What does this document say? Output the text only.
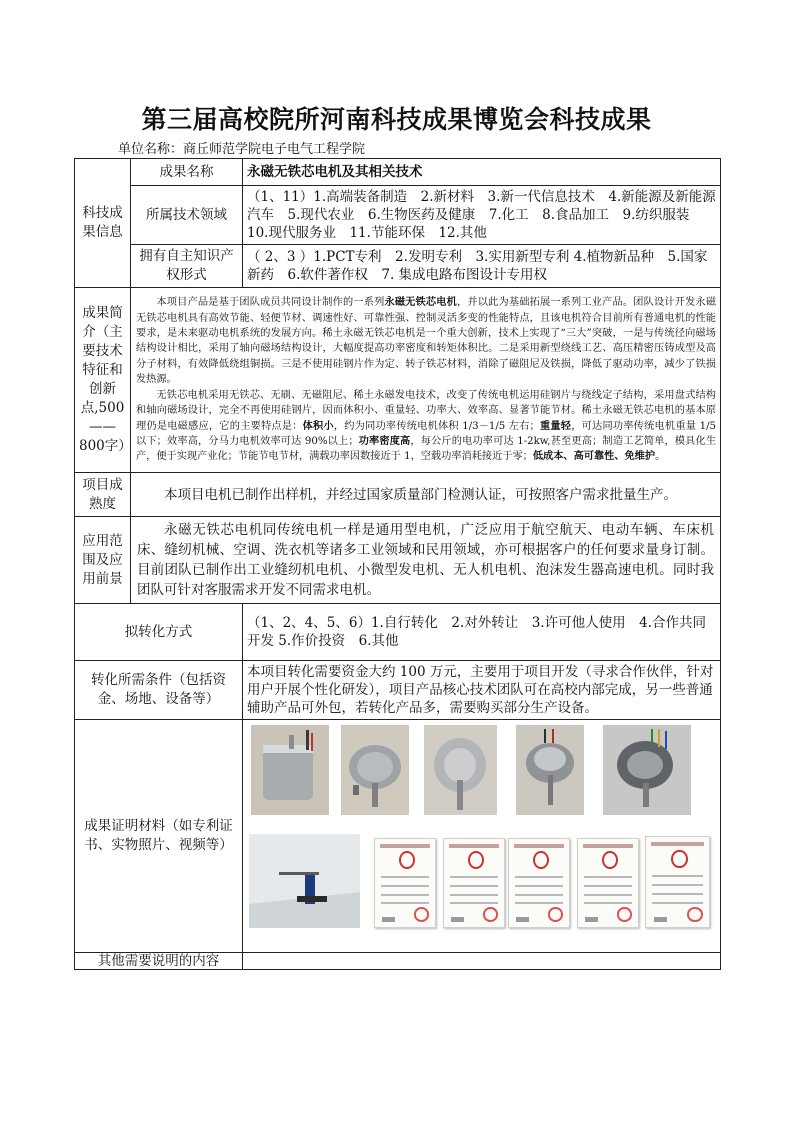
第三届高校院所河南科技成果博览会科技成果
单位名称：商丘师范学院电子电气工程学院
科技成果信息	成果名称	永磁无铁芯电机及其相关技术
	所属技术领域	（1、11）1.高端装备制造　2.新材料　3.新一代信息技术　4.新能源及新能源汽车　5.现代农业　6.生物医药及健康　7.化工　8.食品加工　9.纺织服装　10.现代服务业　11.节能环保　12.其他
	拥有自主知识产权形式	（ 2、3 ）1.PCT专利　2.发明专利　3.实用新型专利 4.植物新品种　5.国家新药　6.软件著作权　7. 集成电路布图设计专用权
成果简介（主要技术特征和创新点,500——800字）	本项目产品是基于团队成员共同设计制作的一系列永磁无铁芯电机，并以此为基础拓展一系列工业产品。团队设计开发永磁无铁芯电机具有高效节能、轻便节材、调速性好、可靠性强、控制灵活多变的性能特点，且该电机符合目前所有普通电机的性能要求，是未来驱动电机系统的发展方向。稀土永磁无铁芯电机是一个重大创新，技术上实现了“三大”突破，一是与传统径向磁场结构设计相比，采用了轴向磁场结构设计，大幅度提高功率密度和转矩体积比。二是采用新型绕线工艺、高压精密压铸成型及高分子材料，有效降低绕组铜损。三是不使用硅钢片作为定、转子铁芯材料，消除了磁阻尼及铁损，降低了驱动功率，减少了铁损发热源。

无铁芯电机采用无铁芯、无刷、无磁阻尼、稀土永磁发电技术，改变了传统电机运用硅钢片与绕线定子结构，采用盘式结构和轴向磁场设计，完全不再使用硅钢片，因而体积小、重量轻、功率大、效率高、显著节能节材。稀土永磁无铁芯电机的基本原理仍是电磁感应，它的主要特点是：体积小，约为同功率传统电机体积 1/3－1/5 左右；重量轻，可达同功率传统电机重量 1/5 以下；效率高，分马力电机效率可达 90%以上；功率密度高，每公斤的电功率可达 1-2kw,甚至更高；制造工艺简单，模具化生产，便于实现产业化；节能节电节材，满载功率因数接近于 1，空载功率消耗接近于零；低成本、高可靠性、免维护。	

项目成熟度	本项目电机已制作出样机，并经过国家质量部门检测认证，可按照客户需求批量生产。	

应用范围及应用前景	永磁无铁芯电机同传统电机一样是通用型电机，广泛应用于航空航天、电动车辆、车床机床、缝纫机械、空调、洗衣机等诸多工业领域和民用领域，亦可根据客户的任何要求量身订制。目前团队已制作出工业缝纫机电机、小微型发电机、无人机电机、泡沫发生器高速电机。同时我团队可针对客服需求开发不同需求电机。	

拟转化方式		（1、2、4、5、6）1.自行转化　2.对外转让　3.许可他人使用　4.合作共同开发 5.作价投资　6.其他
转化所需条件（包括资金、场地、设备等）		本项目转化需要资金大约 100 万元，主要用于项目开发（寻求合作伙伴，针对用户开展个性化研发），项目产品核心技术团队可在高校内部完成，另一些普通辅助产品可外包，若转化产品多，需要购买部分生产设备。
成果证明材料（如专利证书、实物照片、视频等）	

其他需要说明的内容		
